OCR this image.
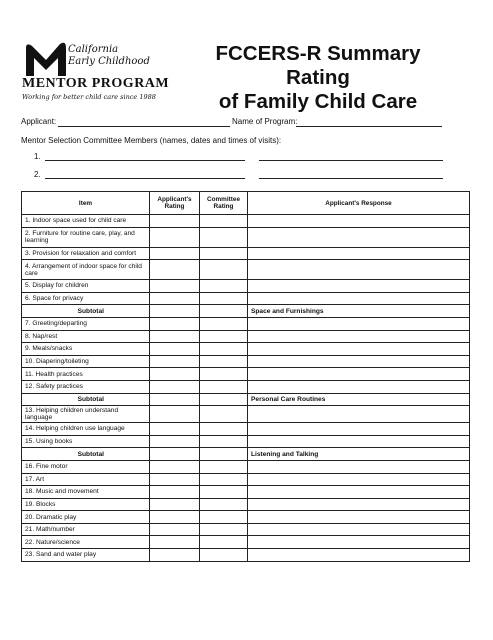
California
Early Childhood
MENTOR PROGRAM
Working for better child care since 1988
FCCERS-R Summary Rating
of Family Child Care
Applicant:	Name of Program:
Mentor Selection Committee Members (names, dates and times of visits):
1.
2.
Item	Applicant's Rating	Committee Rating	Applicant's Response
1. Indoor space used for child care			
2. Furniture for routine care, play, and learning			
3. Provision for relaxation and comfort			
4. Arrangement of indoor space for child care			
5. Display for children			
6. Space for privacy			
Subtotal			Space and Furnishings
7. Greeting/departing			
8. Nap/rest			
9. Meals/snacks			
10. Diapering/toileting			
11. Health practices			
12. Safety practices			
Subtotal			Personal Care Routines
13. Helping children understand language			
14. Helping children use language			
15. Using books			
Subtotal			Listening and Talking
16. Fine motor			
17. Art			
18. Music and movement			
19. Blocks			
20. Dramatic play			
21. Math/number			
22. Nature/science			
23. Sand and water play			
